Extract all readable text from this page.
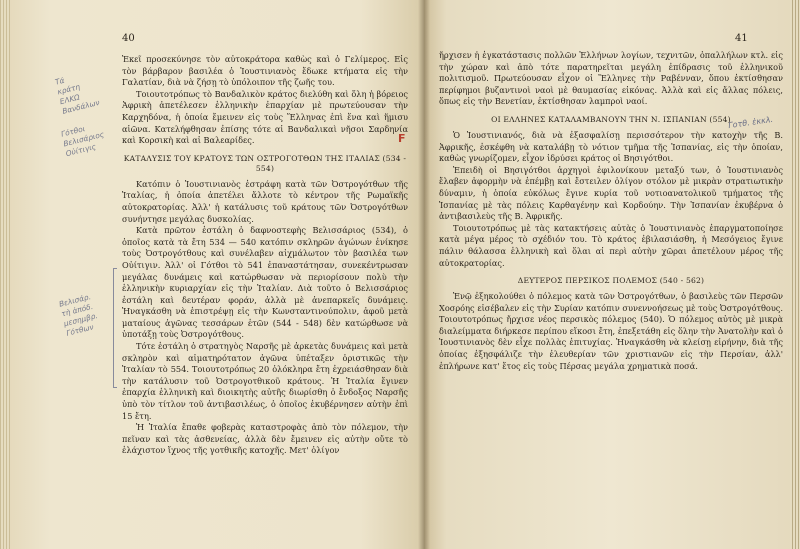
40
Τά
κράτη
ΕΛΚΩ
Βανδάλων
Γότθοι
Βελισάριος
Οὐίτιγις
Βελισάρ.
τὴ ἀπόδ.
μεσημβρ.
Γότθων
F

Ἐκεῖ προσεκύνησε τὸν αὐτοκράτορα καθὼς καὶ ὁ Γελίμερος. Εἰς τὸν βάρβαρον βασιλέα ὁ Ἰουστινιανὸς ἔδωκε κτήματα εἰς τὴν Γαλατίαν, διὰ νὰ ζήσῃ τὸ ὑπόλοιπον τῆς ζωῆς του.

Τοιουτοτρόπως τὸ Βανδαλικὸν κράτος διελύθη καὶ ὅλη ἡ βόρειος Ἀφρικὴ ἀπετέλεσεν ἑλληνικὴν ἐπαρχίαν μὲ πρωτεύουσαν τὴν Καρχηδόνα, ἡ ὁποία ἔμεινεν εἰς τοὺς Ἕλληνας ἐπὶ ἕνα καὶ ἥμισυ αἰῶνα. Κατελήφθησαν ἐπίσης τότε αἱ Βανδαλικαὶ νῆσοι Σαρδηνία καὶ Κορσικὴ καὶ αἱ Βαλεαρίδες.

ΚΑΤΑΛΥΣΙΣ ΤΟΥ ΚΡΑΤΟΥΣ ΤΩΝ ΟΣΤΡΟΓΟΤΘΩΝ ΤΗΣ ΙΤΑΛΙΑΣ (534 - 554)

Κατόπιν ὁ Ἰουστινιανὸς ἐστράφη κατὰ τῶν Ὀστρογότθων τῆς Ἰταλίας, ἡ ὁποία ἀπετέλει ἄλλοτε τὸ κέντρον τῆς Ρωμαϊκῆς αὐτοκρατορίας. Ἀλλ' ἡ κατάλυσις τοῦ κράτους τῶν Ὀστρογότθων συνήντησε μεγάλας δυσκολίας.

Κατὰ πρῶτον ἐστάλη ὁ δαφνοστεφὴς Βελισσάριος (534), ὁ ὁποῖος κατὰ τὰ ἔτη 534 — 540 κατόπιν σκληρῶν ἀγώνων ἐνίκησε τοὺς Ὀστρογότθους καὶ συνέλαβεν αἰχμάλωτον τὸν βασιλέα των Οὐίτιγιν. Ἀλλ' οἱ Γότθοι τὸ 541 ἐπαναστάτησαν, συνεκέντρωσαν μεγάλας δυνάμεις καὶ κατώρθωσαν νὰ περιορίσουν πολὺ τὴν ἑλληνικὴν κυριαρχίαν εἰς τὴν Ἰταλίαν. Διὰ τοῦτο ὁ Βελισσάριος ἐστάλη καὶ δευτέραν φοράν, ἀλλὰ μὲ ἀνεπαρκεῖς δυνάμεις. Ἠναγκάσθη νὰ ἐπιστρέψῃ εἰς τὴν Κωνσταντινούπολιν, ἀφοῦ μετὰ ματαίους ἀγῶνας τεσσάρων ἐτῶν (544 - 548) δὲν κατώρθωσε νὰ ὑποτάξῃ τοὺς Ὀστρογότθους.

Τότε ἐστάλη ὁ στρατηγὸς Ναρσῆς μὲ ἀρκετὰς δυνάμεις καὶ μετὰ σκληρὸν καὶ αἱματηρότατον ἀγῶνα ὑπέταξεν ὁριστικῶς τὴν Ἰταλίαν τὸ 554. Τοιουτοτρόπως 20 ὁλόκληρα ἔτη ἐχρειάσθησαν διὰ τὴν κατάλυσιν τοῦ Ὀστρογοτθικοῦ κράτους. Ἡ Ἰταλία ἔγινεν ἐπαρχία ἑλληνικὴ καὶ διοικητὴς αὐτῆς διωρίσθη ὁ ἔνδοξος Ναρσῆς ὑπὸ τὸν τίτλον τοῦ ἀντιβασιλέως, ὁ ὁποῖος ἐκυβέρνησεν αὐτὴν ἐπὶ 15 ἔτη.

Ἡ Ἰταλία ἔπαθε φοβερὰς καταστροφὰς ἀπὸ τὸν πόλεμον, τὴν πεῖναν καὶ τὰς ἀσθενείας, ἀλλὰ δὲν ἔμεινεν εἰς αὐτὴν οὔτε τὸ ἐλάχιστον ἴχνος τῆς γοτθικῆς κατοχῆς. Μετ' ὀλίγον

41

ἤρχισεν ἡ ἐγκατάστασις πολλῶν Ἑλλήνων λογίων, τεχνιτῶν, ὁπαλλήλων κτλ. εἰς τὴν χώραν καὶ ἀπὸ τότε παρατηρεῖται μεγάλη ἐπίδρασις τοῦ ἑλληνικοῦ πολιτισμοῦ. Πρωτεύουσαν εἶχον οἱ Ἕλληνες τὴν Ραβένναν, ὅπου ἐκτίσθησαν περίφημοι βυζαντινοὶ ναοὶ μὲ θαυμασίας εἰκόνας. Ἀλλὰ καὶ εἰς ἄλλας πόλεις, ὅπως εἰς τὴν Βενετίαν, ἐκτίσθησαν λαμπροὶ ναοί.

ΟΙ ΕΛΛΗΝΕΣ ΚΑΤΑΛΑΜΒΑΝΟΥΝ ΤΗΝ Ν. ΙΣΠΑΝΙΑΝ (554)

Ὁ Ἰουστινιανός, διὰ νὰ ἐξασφαλίσῃ περισσότερον τὴν κατοχὴν τῆς Β. Ἀφρικῆς, ἐσκέφθη νὰ καταλάβῃ τὸ νότιον τμῆμα τῆς Ἰσπανίας, εἰς τὴν ὁποίαν, καθὼς γνωρίζομεν, εἶχον ἱδρύσει κράτος οἱ Βησιγότθοι.

Ἐπειδὴ οἱ Βησιγότθοι ἀρχηγοὶ ἐφιλονίκουν μεταξύ των, ὁ Ἰουστινιανὸς ἔλαβεν ἀφορμὴν νὰ ἐπέμβῃ καὶ ἔστειλεν ὀλίγον στόλον μὲ μικρὰν στρατιωτικὴν δύναμιν, ἡ ὁποία εὐκόλως ἔγινε κυρία τοῦ νοτιοανατολικοῦ τμήματος τῆς Ἰσπανίας μὲ τὰς πόλεις Καρθαγένην καὶ Κορδούην. Τὴν Ἰσπανίαν ἐκυβέρνα ὁ ἀντιβασιλεὺς τῆς Β. Ἀφρικῆς.

Τοιουτοτρόπως μὲ τὰς κατακτήσεις αὐτὰς ὁ Ἰουστινιανὸς ἐπαργματοποίησε κατὰ μέγα μέρος τὸ σχέδιόν του. Τὸ κράτος ἐβιλασιάσθη, ἡ Μεσόγειος ἔγινε πάλιν θάλασσα ἑλληνικὴ καὶ ὅλαι αἱ περὶ αὐτὴν χῶραι ἀπετέλουν μέρος τῆς αὐτοκρατορίας.

ΔΕΥΤΕΡΟΣ ΠΕΡΣΙΚΟΣ ΠΟΛΕΜΟΣ (540 - 562)

Ἐνῷ ἐξηκολούθει ὁ πόλεμος κατὰ τῶν Ὀστρογότθων, ὁ βασιλεὺς τῶν Περσῶν Χοσρόης εἰσέβαλεν εἰς τὴν Συρίαν κατόπιν συνεννοήσεως μὲ τοὺς Ὀστρογότθους. Τοιουτοτρόπως ἤρχισε νέος περσικὸς πόλεμος (540). Ὁ πόλεμος αὐτὸς μὲ μικρὰ διαλείμματα διήρκεσε περίπου εἴκοσι ἔτη, ἐπεξετάθη εἰς ὅλην τὴν Ἀνατολὴν καὶ ὁ Ἰουστινιανὸς δὲν εἶχε πολλὰς ἐπιτυχίας. Ἠναγκάσθη νὰ κλείσῃ εἰρήνην, διὰ τῆς ὁποίας ἐξησφάλιζε τὴν ἐλευθερίαν τῶν χριστιανῶν εἰς τὴν Περσίαν, ἀλλ' ἐπλήρωνε κατ' ἔτος εἰς τοὺς Πέρσας μεγάλα χρηματικὰ ποσά.

Γοτθ. ἐκκλ.
